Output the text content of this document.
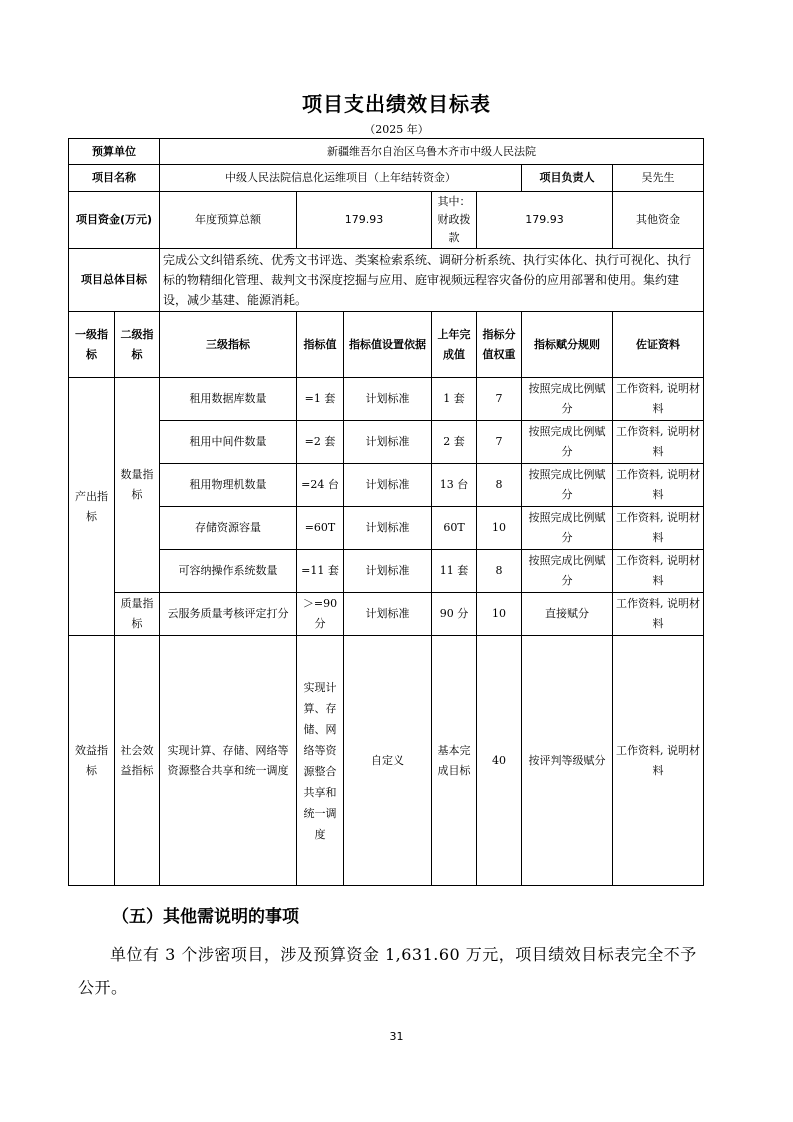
项目支出绩效目标表
（2025 年）
预算单位		新疆维吾尔自治区乌鲁木齐市中级人民法院							
项目名称		中级人民法院信息化运维项目（上年结转资金）					项目负责人	吴先生	
项目资金(万元)		年度预算总额	179.93		其中：财政拨款	179.93		其他资金	
项目总体目标		完成公文纠错系统、优秀文书评选、类案检索系统、调研分析系统、执行实体化、执行可视化、执行标的物精细化管理、裁判文书深度挖掘与应用、庭审视频远程容灾备份的应用部署和使用。集约建设，减少基建、能源消耗。							
一级指标	二级指标	三级指标	指标值	指标值设置依据	上年完成值	指标分值权重	指标赋分规则	佐证资料	
产出指标	数量指标	租用数据库数量	=1 套	计划标准	1 套	7	按照完成比例赋分	工作资料, 说明材料	
		租用中间件数量	=2 套	计划标准	2 套	7	按照完成比例赋分	工作资料, 说明材料	
		租用物理机数量	=24 台	计划标准	13 台	8	按照完成比例赋分	工作资料, 说明材料	
		存储资源容量	=60T	计划标准	60T	10	按照完成比例赋分	工作资料, 说明材料	
		可容纳操作系统数量	=11 套	计划标准	11 套	8	按照完成比例赋分	工作资料, 说明材料	
	质量指标	云服务质量考核评定打分	＞=90 分	计划标准	90 分	10	直接赋分	工作资料, 说明材料	
效益指标	社会效益指标	实现计算、存储、网络等资源整合共享和统一调度	实现计算、存储、网络等资源整合共享和统一调度	自定义	基本完成目标	40	按评判等级赋分	工作资料, 说明材料	
（五）其他需说明的事项
单位有 3 个涉密项目，涉及预算资金 1,631.60 万元，项目绩效目标表完全不予公开。
31
